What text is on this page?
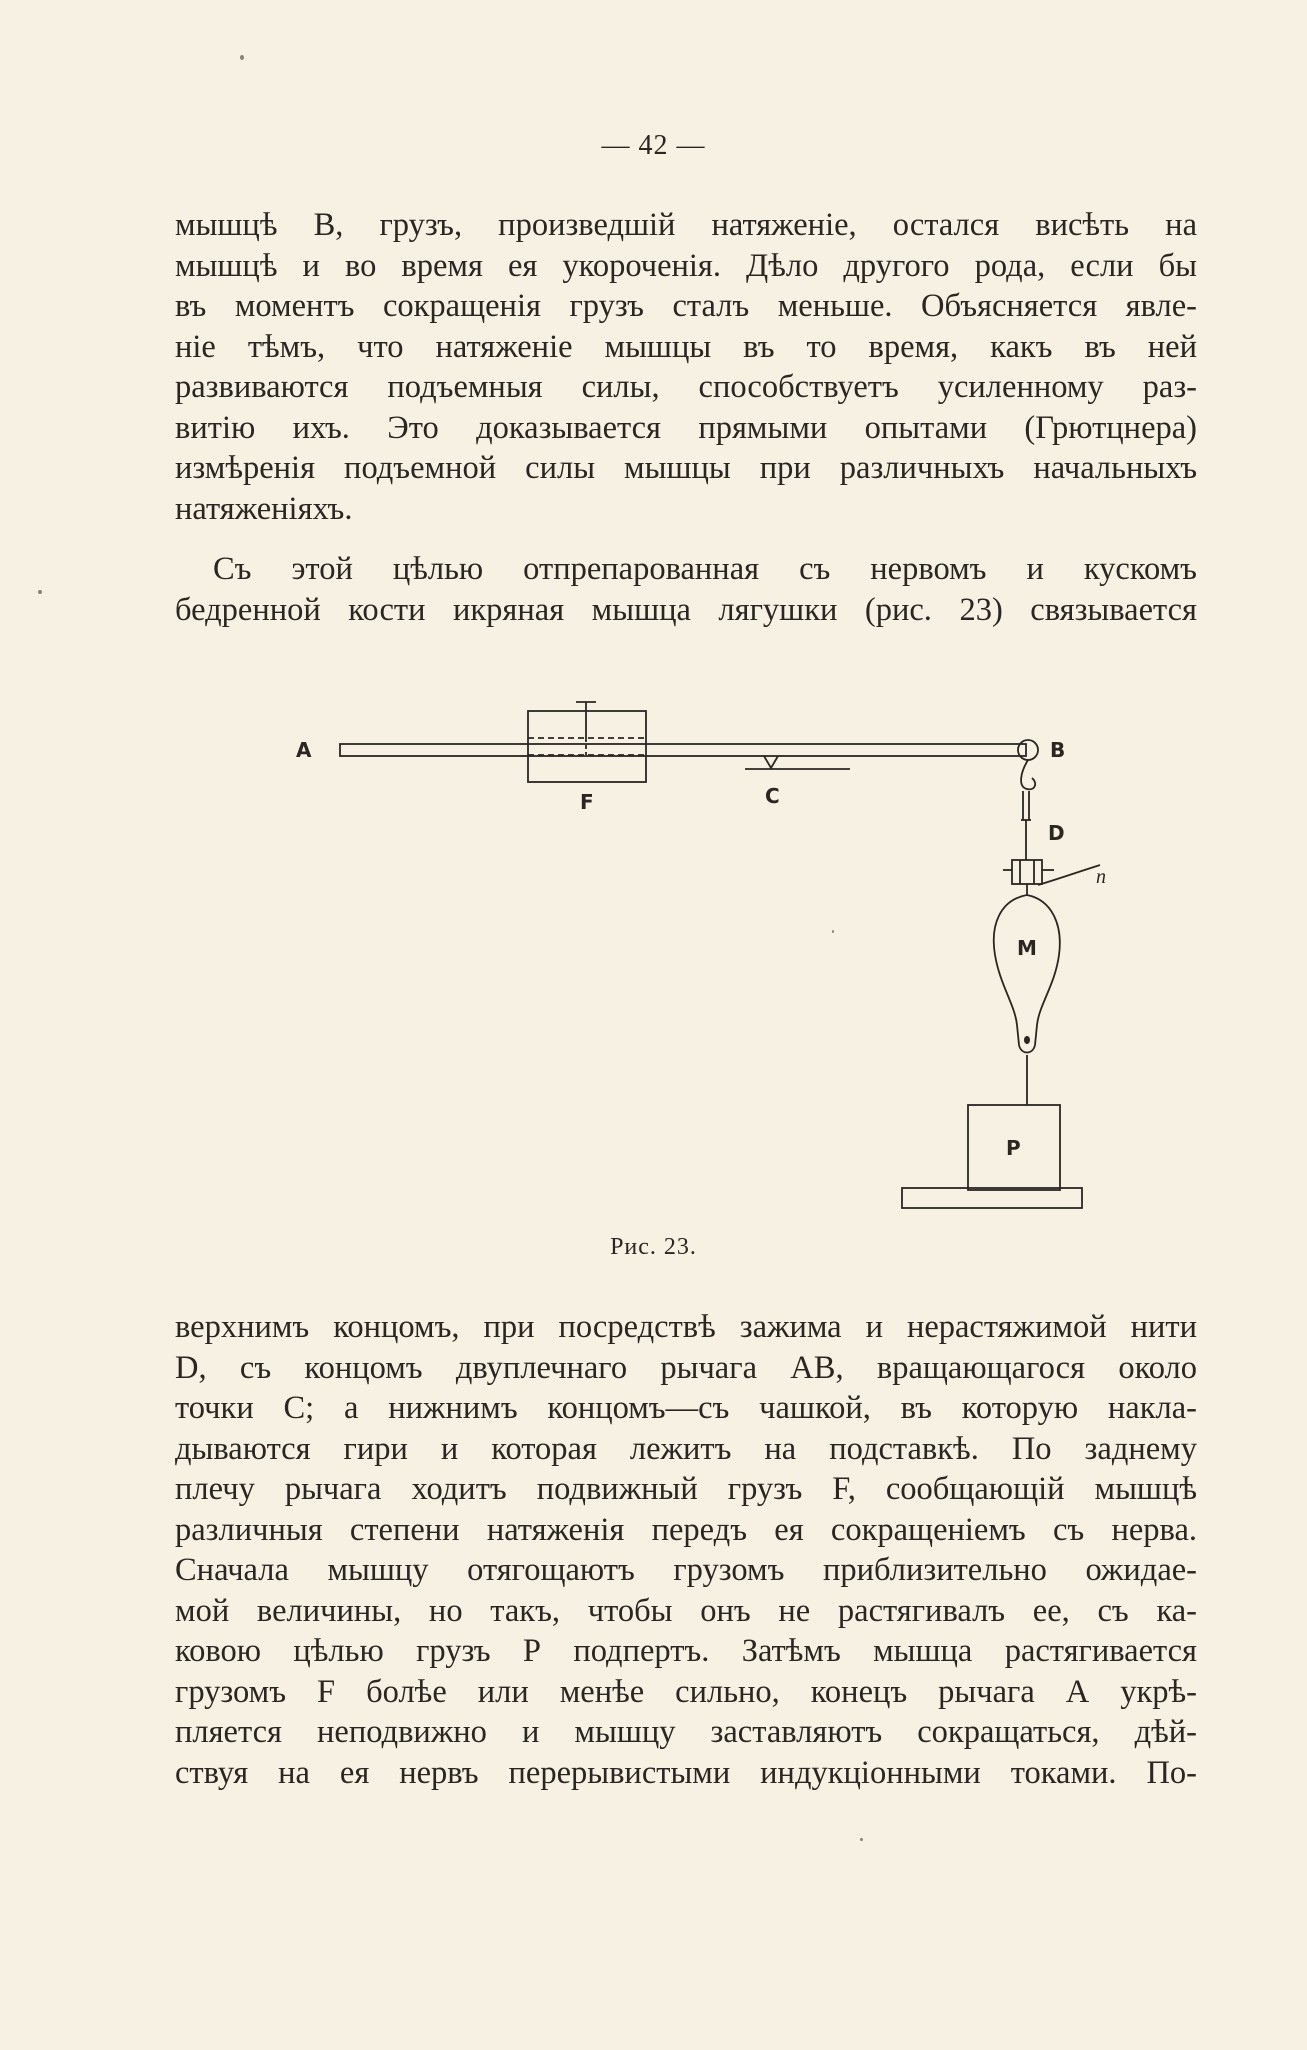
— 42 —

мышцѣ В, грузъ, произведшій натяженіе, остался висѣть на
мышцѣ и во время ея укороченія. Дѣло другого рода, если бы
въ моментъ сокращенія грузъ сталъ меньше. Объясняется явле-
ніе тѣмъ, что натяженіе мышцы въ то время, какъ въ ней
развиваются подъемныя силы, способствуетъ усиленному раз-
витію ихъ. Это доказывается прямыми опытами (Грютцнера)
измѣренія подъемной силы мышцы при различныхъ начальныхъ
натяженіяхъ.

Съ этой цѣлью отпрепарованная съ нервомъ и кускомъ
бедренной кости икряная мышца лягушки (рис. 23) связывается

A	B
F	C
D
n
M
P
Рис. 23.

верхнимъ концомъ, при посредствѣ зажима и нерастяжимой нити
D, съ концомъ двуплечнаго рычага АВ, вращающагося около
точки С; а нижнимъ концомъ—съ чашкой, въ которую накла-
дываются гири и которая лежитъ на подставкѣ. По заднему
плечу рычага ходитъ подвижный грузъ F, сообщающій мышцѣ
различныя степени натяженія передъ ея сокращеніемъ съ нерва.
Сначала мышцу отягощаютъ грузомъ приблизительно ожидае-
мой величины, но такъ, чтобы онъ не растягивалъ ее, съ ка-
ковою цѣлью грузъ Р подпертъ. Затѣмъ мышца растягивается
грузомъ F болѣе или менѣе сильно, конецъ рычага А укрѣ-
пляется неподвижно и мышцу заставляютъ сокращаться, дѣй-
ствуя на ея нервъ перерывистыми индукціонными токами. По-
